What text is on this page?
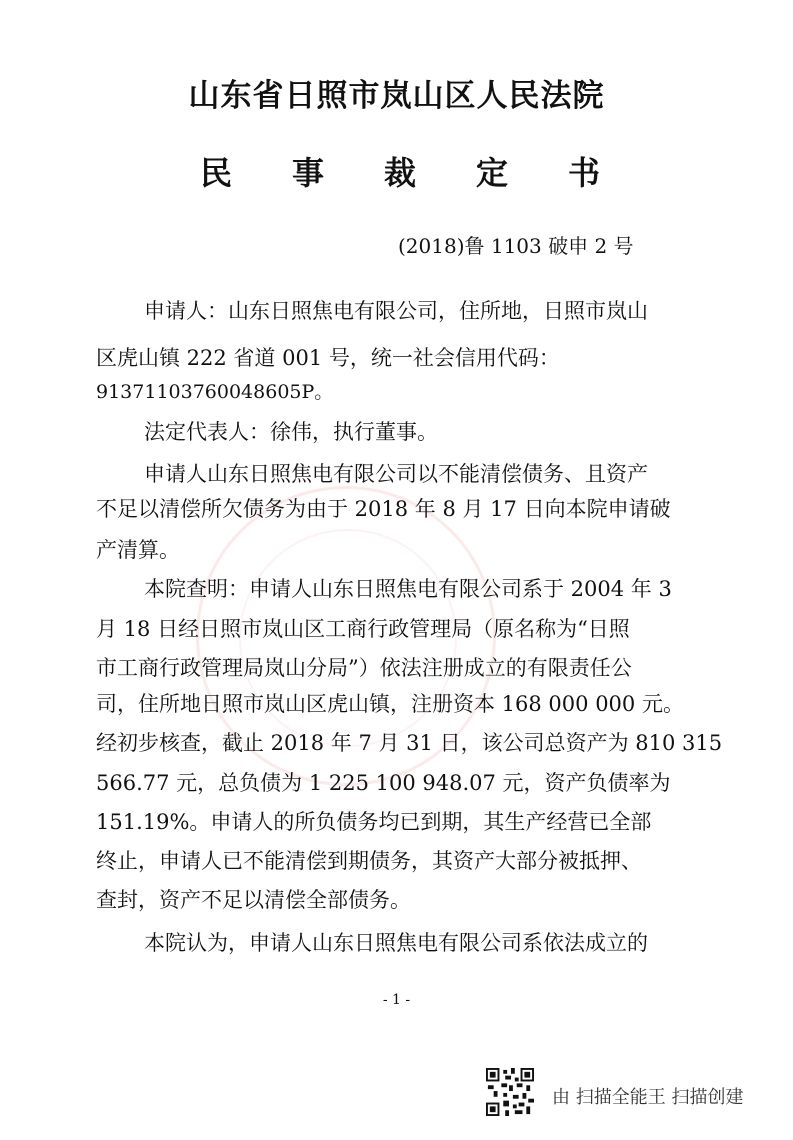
山东省日照市岚山区人民法院
民 事 裁 定 书
(2018)鲁 1103 破申 2 号
申请人：山东日照焦电有限公司，住所地，日照市岚山
区虎山镇 222 省道 001 号，统一社会信用代码：
91371103760048605P。
法定代表人：徐伟，执行董事。
申请人山东日照焦电有限公司以不能清偿债务、且资产
不足以清偿所欠债务为由于 2018 年 8 月 17 日向本院申请破
产清算。
本院查明：申请人山东日照焦电有限公司系于 2004 年 3
月 18 日经日照市岚山区工商行政管理局（原名称为“日照
市工商行政管理局岚山分局”）依法注册成立的有限责任公
司，住所地日照市岚山区虎山镇，注册资本 168 000 000 元。
经初步核查，截止 2018 年 7 月 31 日，该公司总资产为 810 315
566.77 元，总负债为 1 225 100 948.07 元，资产负债率为
151.19%。申请人的所负债务均已到期，其生产经营已全部
终止，申请人已不能清偿到期债务，其资产大部分被抵押、
查封，资产不足以清偿全部债务。
本院认为，申请人山东日照焦电有限公司系依法成立的
- 1 -
由 扫描全能王 扫描创建
